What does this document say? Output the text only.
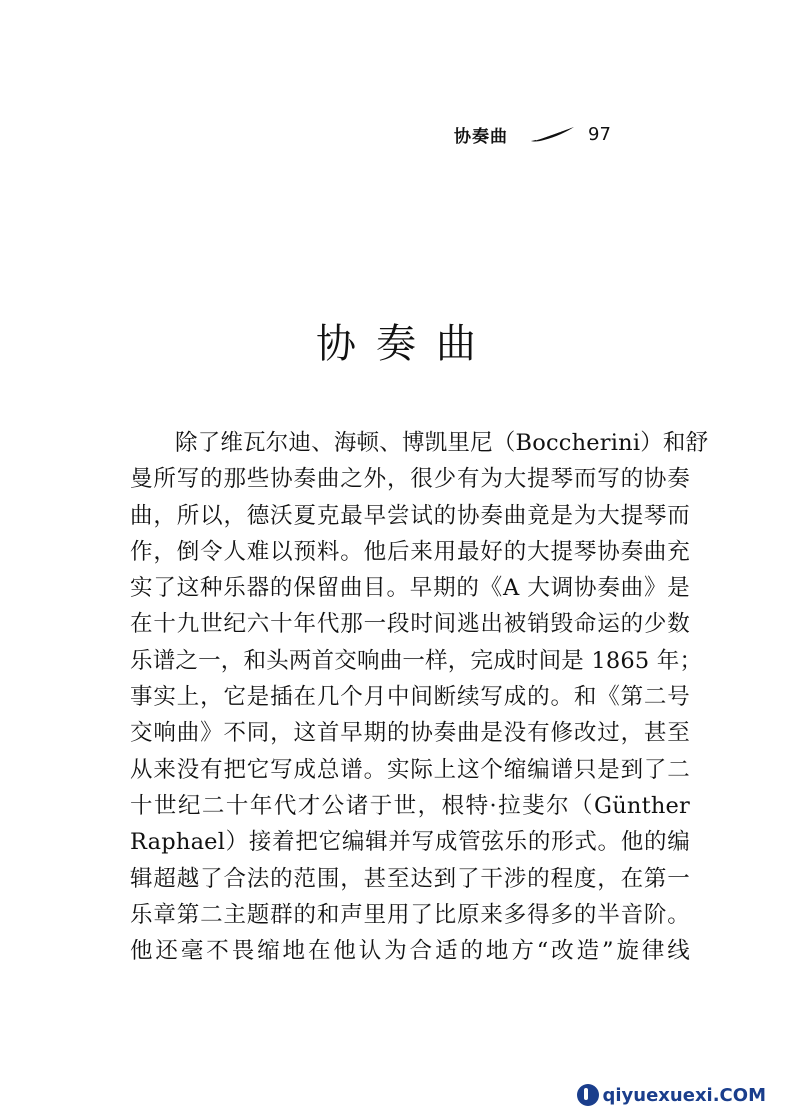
协奏曲	97
协奏曲
除了维瓦尔迪、海顿、博凯里尼（Boccherini）和舒
曼所写的那些协奏曲之外，很少有为大提琴而写的协奏
曲，所以，德沃夏克最早尝试的协奏曲竟是为大提琴而
作，倒令人难以预料。他后来用最好的大提琴协奏曲充
实了这种乐器的保留曲目。早期的《A 大调协奏曲》是
在十九世纪六十年代那一段时间逃出被销毁命运的少数
乐谱之一，和头两首交响曲一样，完成时间是 1865 年；
事实上，它是插在几个月中间断续写成的。和《第二号
交响曲》不同，这首早期的协奏曲是没有修改过，甚至
从来没有把它写成总谱。实际上这个缩编谱只是到了二
十世纪二十年代才公诸于世，根特·拉斐尔（Günther
Raphael）接着把它编辑并写成管弦乐的形式。他的编
辑超越了合法的范围，甚至达到了干涉的程度，在第一
乐章第二主题群的和声里用了比原来多得多的半音阶。
他还毫不畏缩地在他认为合适的地方“改造”旋律线
qiyuexuexi.COM
